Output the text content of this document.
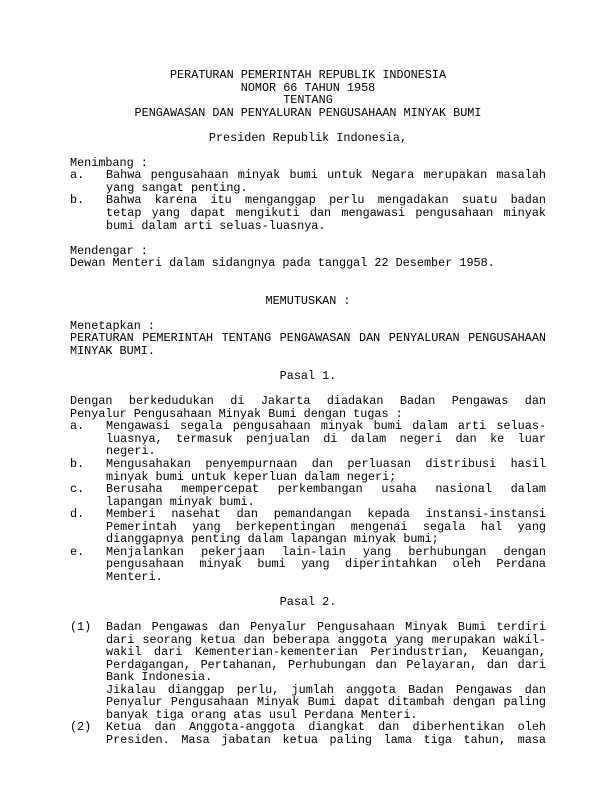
PERATURAN PEMERINTAH REPUBLIK INDONESIA
NOMOR 66 TAHUN 1958
TENTANG
PENGAWASAN DAN PENYALURAN PENGUSAHAAN MINYAK BUMI
Presiden Republik Indonesia,
Menimbang :
a. Bahwa pengusahaan minyak bumi untuk Negara merupakan masalah
yang sangat penting.
b. Bahwa karena itu menganggap perlu mengadakan suatu badan
tetap yang dapat mengikuti dan mengawasi pengusahaan minyak
bumi dalam arti seluas-luasnya.
Mendengar :
Dewan Menteri dalam sidangnya pada tanggal 22 Desember 1958.
MEMUTUSKAN :
Menetapkan :
PERATURAN PEMERINTAH TENTANG PENGAWASAN DAN PENYALURAN PENGUSAHAAN
MINYAK BUMI.
Pasal 1.
Dengan berkedudukan di Jakarta diadakan Badan Pengawas dan
Penyalur Pengusahaan Minyak Bumi dengan tugas :
a. Mengawasi segala pengusahaan minyak bumi dalam arti seluas-
luasnya, termasuk penjualan di dalam negeri dan ke luar
negeri.
b. Mengusahakan penyempurnaan dan perluasan distribusi hasil
minyak bumi untuk keperluan dalam negeri;
c. Berusaha mempercepat perkembangan usaha nasional dalam
lapangan minyak bumi.
d. Memberi nasehat dan pemandangan kepada instansi-instansi
Pemerintah yang berkepentingan mengenai segala hal yang
dianggapnya penting dalam lapangan minyak bumi;
e. Menjalankan pekerjaan lain-lain yang berhubungan dengan
pengusahaan minyak bumi yang diperintahkan oleh Perdana
Menteri.
Pasal 2.
(1) Badan Pengawas dan Penyalur Pengusahaan Minyak Bumi terdiri
dari seorang ketua dan beberapa anggota yang merupakan wakil-
wakil dari Kementerian-kementerian Perindustrian, Keuangan,
Perdagangan, Pertahanan, Perhubungan dan Pelayaran, dan dari
Bank Indonesia.
Jikalau dianggap perlu, jumlah anggota Badan Pengawas dan
Penyalur Pengusahaan Minyak Bumi dapat ditambah dengan paling
banyak tiga orang atas usul Perdana Menteri.
(2) Ketua dan Anggota-anggota diangkat dan diberhentikan oleh
Presiden. Masa jabatan ketua paling lama tiga tahun, masa
